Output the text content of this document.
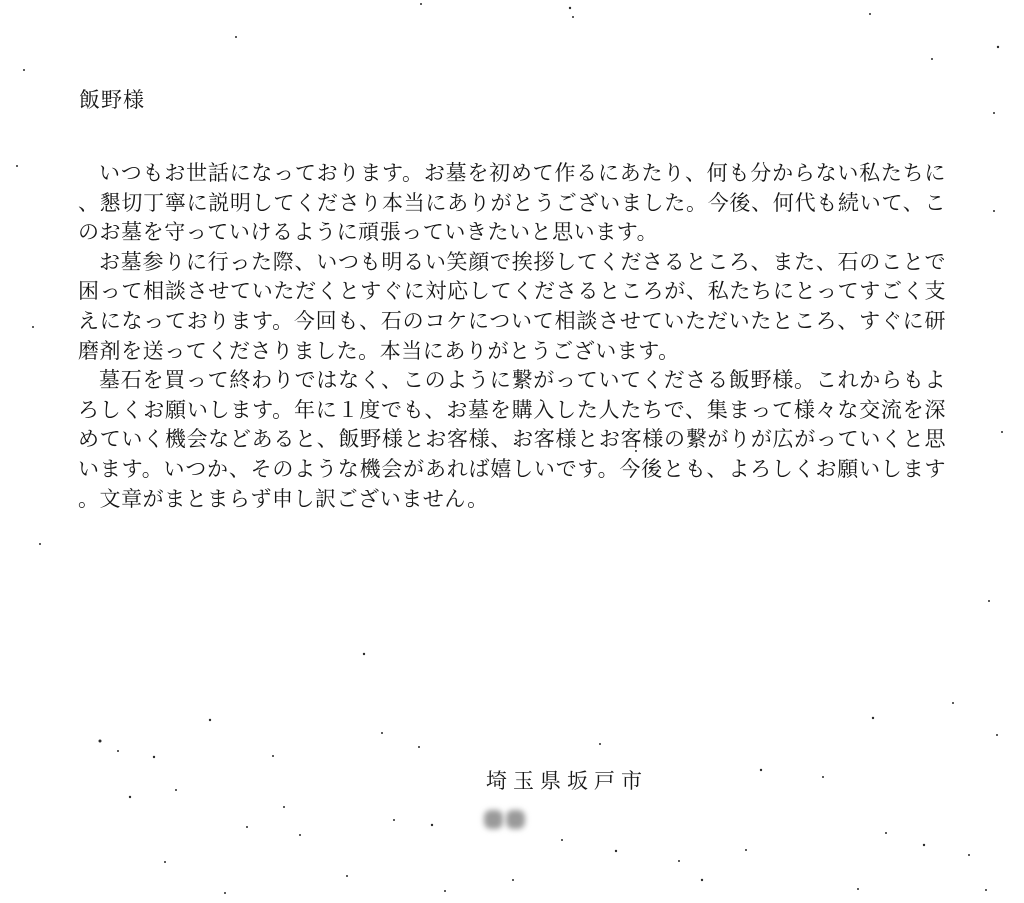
飯野様

いつもお世話になっております。お墓を初めて作るにあたり、何も分からない私たちに、懇切丁寧に説明してくださり本当にありがとうございました。今後、何代も続いて、このお墓を守っていけるように頑張っていきたいと思います。

お墓参りに行った際、いつも明るい笑顔で挨拶してくださるところ、また、石のことで困って相談させていただくとすぐに対応してくださるところが、私たちにとってすごく支えになっております。今回も、石のコケについて相談させていただいたところ、すぐに研磨剤を送ってくださりました。本当にありがとうございます。

墓石を買って終わりではなく、このように繋がっていてくださる飯野様。これからもよろしくお願いします。年に１度でも、お墓を購入した人たちで、集まって様々な交流を深めていく機会などあると、飯野様とお客様、お客様とお客様の繋がりが広がっていくと思います。いつか、そのような機会があれば嬉しいです。今後とも、よろしくお願いします。文章がまとまらず申し訳ございません。

埼玉県坂戸市
